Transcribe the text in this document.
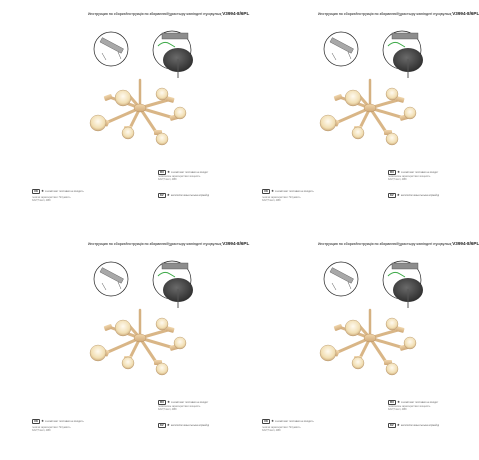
Инструкция по сборке/Інструкція по збиранню/Құрастыру жөніндегі нұсқаулық V3994-8/6PL
RU ★в комплект поставки не входит
технические характеристики: мощность 3x6/7,5 ватт, 40Вт
UK ★в комплект поставки не входить
KZ ★жеткізілім жиынтығына кірмейді
технічні характеристики: Потужність 3x6/7,5 ватт, 40Вт
Инструкция по сборке/Інструкція по збиранню/Құрастыру жөніндегі нұсқаулық V3994-8/6PL
RU ★в комплект поставки не входит
технические характеристики: мощность 3x6/7,5 ватт, 40Вт
UK ★в комплект поставки не входить
KZ ★жеткізілім жиынтығына кірмейді
технічні характеристики: Потужність 3x6/7,5 ватт, 40Вт
Инструкция по сборке/Інструкція по збиранню/Құрастыру жөніндегі нұсқаулық V3994-8/6PL
RU ★в комплект поставки не входит
технические характеристики: мощность 3x6/7,5 ватт, 40Вт
UK ★в комплект поставки не входить
KZ ★жеткізілім жиынтығына кірмейді
технічні характеристики: Потужність 3x6/7,5 ватт, 40Вт
Инструкция по сборке/Інструкція по збиранню/Құрастыру жөніндегі нұсқаулық V3994-8/6PL
RU ★в комплект поставки не входит
технические характеристики: мощность 3x6/7,5 ватт, 40Вт
UK ★в комплект поставки не входить
KZ ★жеткізілім жиынтығына кірмейді
технічні характеристики: Потужність 3x6/7,5 ватт, 40Вт
